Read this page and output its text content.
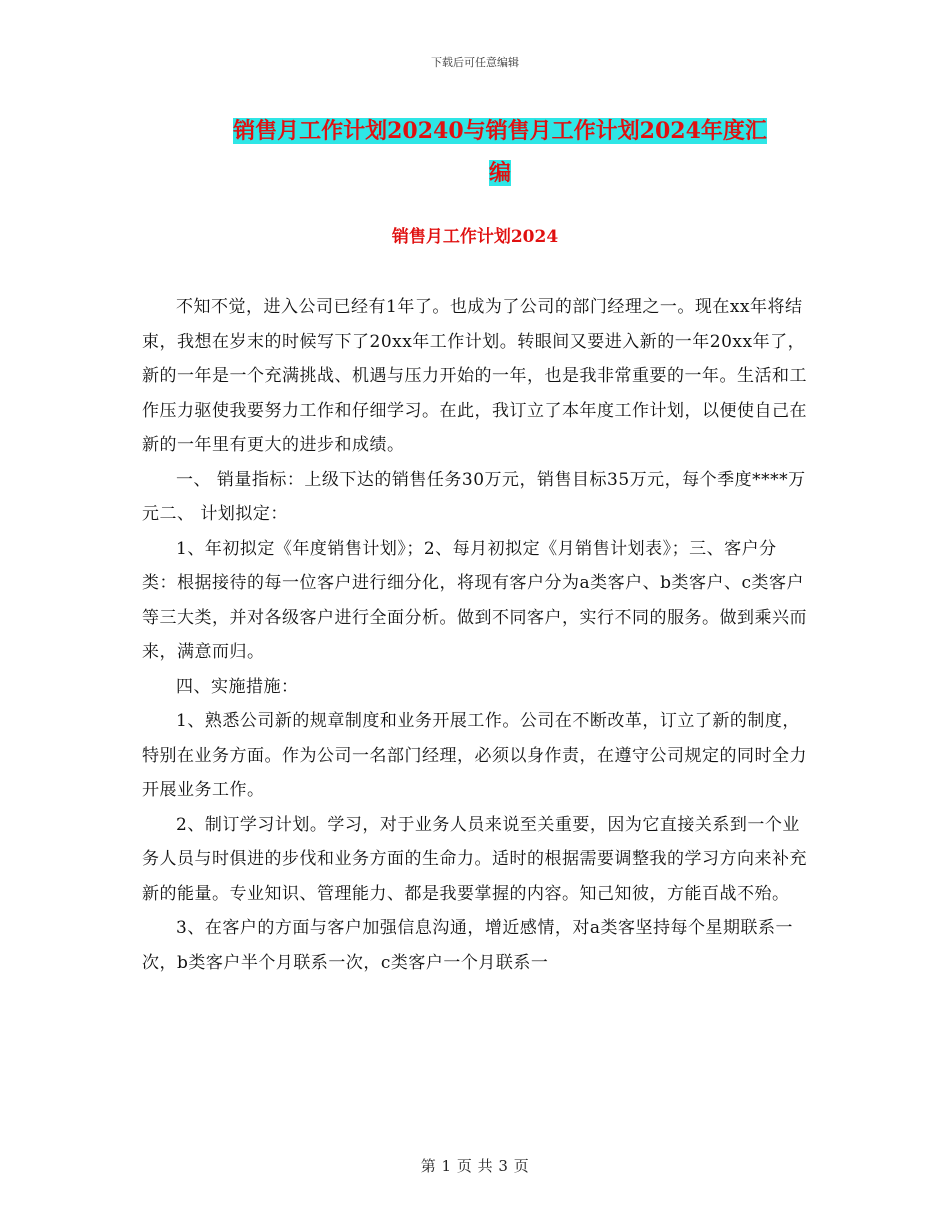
下载后可任意编辑
销售月工作计划20240与销售月工作计划2024年度汇
编
销售月工作计划2024

不知不觉，进入公司已经有1年了。也成为了公司的部门经理之一。现在xx年将结束，我想在岁末的时候写下了20xx年工作计划。转眼间又要进入新的一年20xx年了，新的一年是一个充满挑战、机遇与压力开始的一年，也是我非常重要的一年。生活和工作压力驱使我要努力工作和仔细学习。在此，我订立了本年度工作计划，以便使自己在新的一年里有更大的进步和成绩。

一、 销量指标：上级下达的销售任务30万元，销售目标35万元，每个季度****万元二、 计划拟定：

1、年初拟定《年度销售计划》；2、每月初拟定《月销售计划表》；三、客户分类：根据接待的每一位客户进行细分化，将现有客户分为a类客户、b类客户、c类客户等三大类，并对各级客户进行全面分析。做到不同客户，实行不同的服务。做到乘兴而来，满意而归。

四、实施措施：

1、熟悉公司新的规章制度和业务开展工作。公司在不断改革，订立了新的制度，特别在业务方面。作为公司一名部门经理，必须以身作责，在遵守公司规定的同时全力开展业务工作。

2、制订学习计划。学习，对于业务人员来说至关重要，因为它直接关系到一个业务人员与时俱进的步伐和业务方面的生命力。适时的根据需要调整我的学习方向来补充新的能量。专业知识、管理能力、都是我要掌握的内容。知己知彼，方能百战不殆。

3、在客户的方面与客户加强信息沟通，增近感情，对a类客坚持每个星期联系一次，b类客户半个月联系一次，c类客户一个月联系一

第 1 页 共 3 页
